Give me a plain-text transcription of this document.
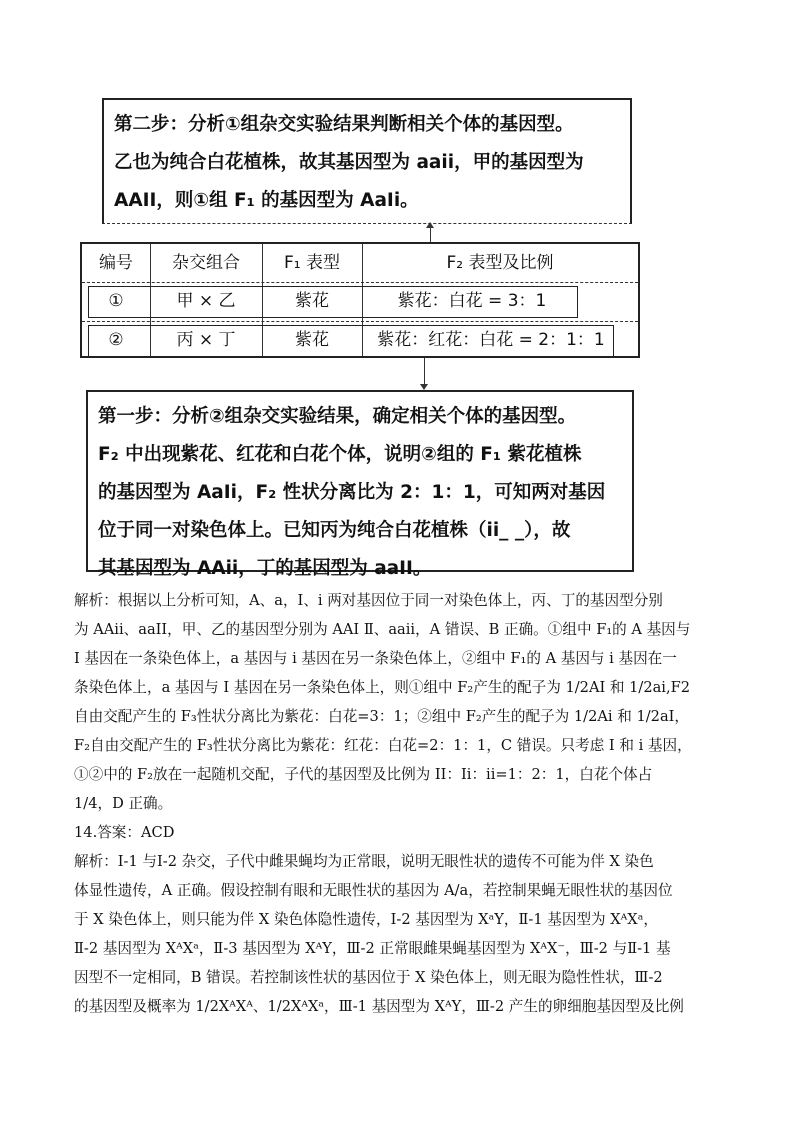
第二步：分析①组杂交实验结果判断相关个体的基因型。
乙也为纯合白花植株，故其基因型为 aaii，甲的基因型为
AAII，则①组 F₁ 的基因型为 AaIi。
编号	杂交组合	F₁ 表型	F₂ 表型及比例
①	甲 × 乙	紫花	紫花：白花 = 3：1
②	丙 × 丁	紫花	紫花：红花：白花 = 2：1：1
第一步：分析②组杂交实验结果，确定相关个体的基因型。
F₂ 中出现紫花、红花和白花个体，说明②组的 F₁ 紫花植株
的基因型为 AaIi，F₂ 性状分离比为 2：1：1，可知两对基因
位于同一对染色体上。已知丙为纯合白花植株（ii_ _），故
其基因型为 AAii，丁的基因型为 aaII。

解析：根据以上分析可知，A、a，I、i 两对基因位于同一对染色体上，丙、丁的基因型分别

为 AAii、aaII，甲、乙的基因型分别为 AAI Ⅱ、aaii，A 错误、B 正确。①组中 F₁的 A 基因与

I 基因在一条染色体上，a 基因与 i 基因在另一条染色体上，②组中 F₁的 A 基因与 i 基因在一

条染色体上，a 基因与 I 基因在另一条染色体上，则①组中 F₂产生的配子为 1/2AI 和 1/2ai,F2

自由交配产生的 F₃性状分离比为紫花：白花=3：1；②组中 F₂产生的配子为 1/2Ai 和 1/2aI，

F₂自由交配产生的 F₃性状分离比为紫花：红花：白花=2：1：1，C 错误。只考虑 I 和 i 基因，

①②中的 F₂放在一起随机交配，子代的基因型及比例为 II：Ii：ii=1：2：1，白花个体占

1/4，D 正确。

14.答案：ACD

解析：Ⅰ-1 与Ⅰ-2 杂交，子代中雌果蝇均为正常眼，说明无眼性状的遗传不可能为伴 X 染色

体显性遗传，A 正确。假设控制有眼和无眼性状的基因为 A/a，若控制果蝇无眼性状的基因位

于 X 染色体上，则只能为伴 X 染色体隐性遗传，Ⅰ-2 基因型为 XᵃY，Ⅱ-1 基因型为 XᴬXᵃ，

Ⅱ-2 基因型为 XᴬXᵃ，Ⅱ-3 基因型为 XᴬY，Ⅲ-2 正常眼雌果蝇基因型为 XᴬX⁻，Ⅲ-2 与Ⅱ-1 基

因型不一定相同，B 错误。若控制该性状的基因位于 X 染色体上，则无眼为隐性性状，Ⅲ-2

的基因型及概率为 1/2XᴬXᴬ、1/2XᴬXᵃ，Ⅲ-1 基因型为 XᴬY，Ⅲ-2 产生的卵细胞基因型及比例
